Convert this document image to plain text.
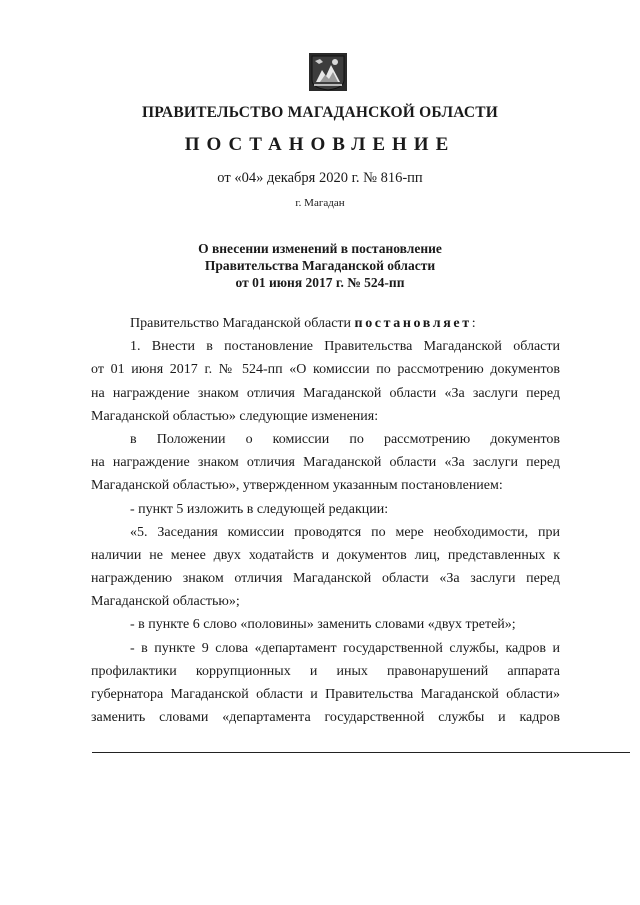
ПРАВИТЕЛЬСТВО МАГАДАНСКОЙ ОБЛАСТИ
ПОСТАНОВЛЕНИЕ
от «04» декабря 2020 г. № 816-пп
г. Магадан
О внесении изменений в постановление
Правительства Магаданской области
от 01 июня 2017 г. № 524-пп
Правительство Магаданской области постановляет:
1. Внести в постановление Правительства Магаданской области
от 01 июня 2017 г. № 524-пп «О комиссии по рассмотрению документов
на награждение знаком отличия Магаданской области «За заслуги перед
Магаданской областью» следующие изменения:
в Положении о комиссии по рассмотрению документов
на награждение знаком отличия Магаданской области «За заслуги перед
Магаданской областью», утвержденном указанным постановлением:
- пункт 5 изложить в следующей редакции:
«5. Заседания комиссии проводятся по мере необходимости, при
наличии не менее двух ходатайств и документов лиц, представленных к
награждению знаком отличия Магаданской области «За заслуги перед
Магаданской областью»;
- в пункте 6 слово «половины» заменить словами «двух третей»;
- в пункте 9 слова «департамент государственной службы, кадров и
профилактики коррупционных и иных правонарушений аппарата
губернатора Магаданской области и Правительства Магаданской области»
заменить словами «департамента государственной службы и кадров
